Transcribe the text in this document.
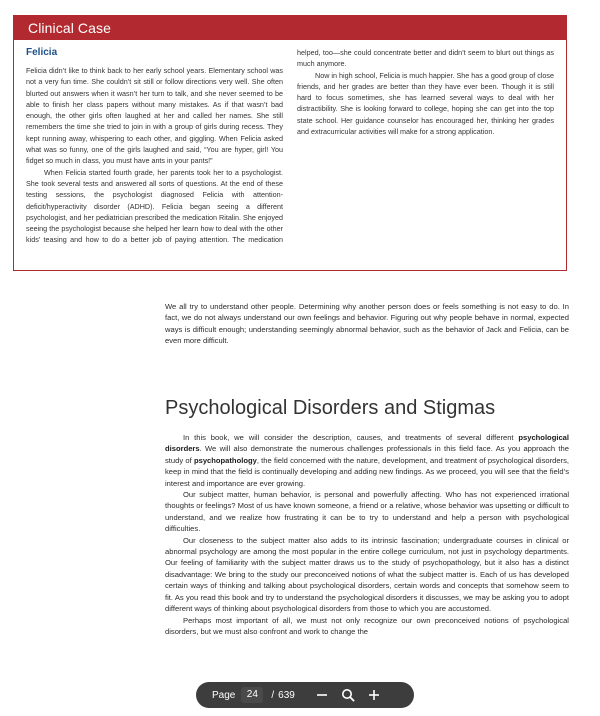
Clinical Case
Felicia

Felicia didn’t like to think back to her early school years. Elementary school was not a very fun time. She couldn’t sit still or follow directions very well. She often blurted out answers when it wasn’t her turn to talk, and she never seemed to be able to finish her class papers without many mistakes. As if that wasn’t bad enough, the other girls often laughed at her and called her names. She still remembers the time she tried to join in with a group of girls during recess. They kept running away, whispering to each other, and giggling. When Felicia asked what was so funny, one of the girls laughed and said, “You are hyper, girl! You fidget so much in class, you must have ants in your pants!”

When Felicia started fourth grade, her parents took her to a psychologist. She took several tests and answered all sorts of questions. At the end of these testing sessions, the psychologist diagnosed Felicia with attention-deficit/hyperactivity disorder (ADHD). Felicia began seeing a different psychologist, and her pediatrician prescribed the medication Ritalin. She enjoyed seeing the psychologist because she helped her learn how to deal with the other kids’ teasing and how to do a better job of paying attention. The medication helped, too—she could concentrate better and didn’t seem to blurt out things as much anymore.

Now in high school, Felicia is much happier. She has a good group of close friends, and her grades are better than they have ever been. Though it is still hard to focus sometimes, she has learned several ways to deal with her distractibility. She is looking forward to college, hoping she can get into the top state school. Her guidance counselor has encouraged her, thinking her grades and extracurricular activities will make for a strong application.

We all try to understand other people. Determining why another person does or feels something is not easy to do. In fact, we do not always understand our own feelings and behavior. Figuring out why people behave in normal, expected ways is difficult enough; understanding seemingly abnormal behavior, such as the behavior of Jack and Felicia, can be even more difficult.

Psychological Disorders and Stigmas

In this book, we will consider the description, causes, and treatments of several different psychological disorders. We will also demonstrate the numerous challenges professionals in this field face. As you approach the study of psychopathology, the field concerned with the nature, development, and treatment of psychological disorders, keep in mind that the field is continually developing and adding new findings. As we proceed, you will see that the field’s interest and importance are ever growing.

Our subject matter, human behavior, is personal and powerfully affecting. Who has not experienced irrational thoughts or feelings? Most of us have known someone, a friend or a relative, whose behavior was upsetting or difficult to understand, and we realize how frustrating it can be to try to understand and help a person with psychological difficulties.

Our closeness to the subject matter also adds to its intrinsic fascination; undergraduate courses in clinical or abnormal psychology are among the most popular in the entire college curriculum, not just in psychology departments. Our feeling of familiarity with the subject matter draws us to the study of psychopathology, but it also has a distinct disadvantage: We bring to the study our preconceived notions of what the subject matter is. Each of us has developed certain ways of thinking and talking about psychological disorders, certain words and concepts that somehow seem to fit. As you read this book and try to understand the psychological disorders it discusses, we may be asking you to adopt different ways of thinking about psychological disorders from those to which you are accustomed.

Perhaps most important of all, we must not only recognize our own preconceived notions of psychological disorders, but we must also confront and work to change the

Page	24	/ 639
